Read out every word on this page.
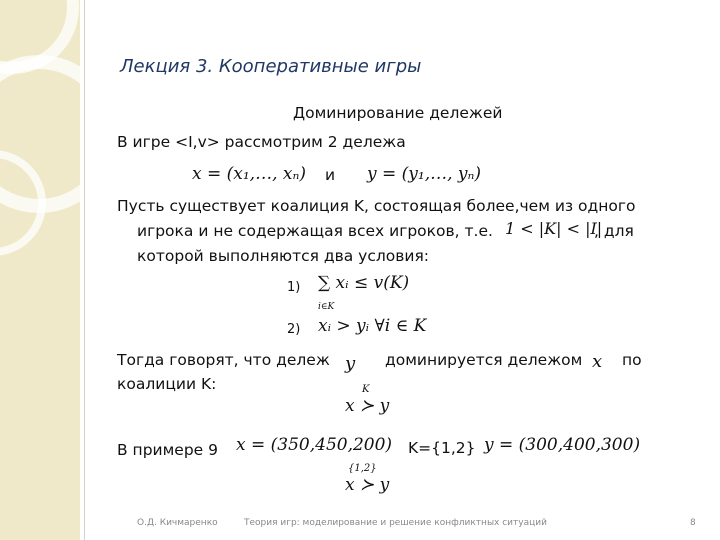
Лекция 3. Кооперативные игры
Доминирование дележей
В игре <I,v> рассмотрим 2 дележа
x = (x₁,…, xₙ) и y = (y₁,…, yₙ)
Пусть существует коалиция K, состоящая более,чем из одного
игрока и не содержащая всех игроков, т.е. 1 < |K| < |I|
, для
которой выполняются два условия:
1) ∑ xᵢ ≤ v(K)
i∈K
2) xᵢ > yᵢ ∀i ∈ K
Тогда говорят, что дележ y доминируется дележом x по
коалиции K:	K
x ≻ y
В примере 9 x = (350,450,200) K={1,2} y = (300,400,300)
{1,2}
x ≻ y
О.Д. Кичмаренко	Теория игр: моделирование и решение конфликтных ситуаций	8
